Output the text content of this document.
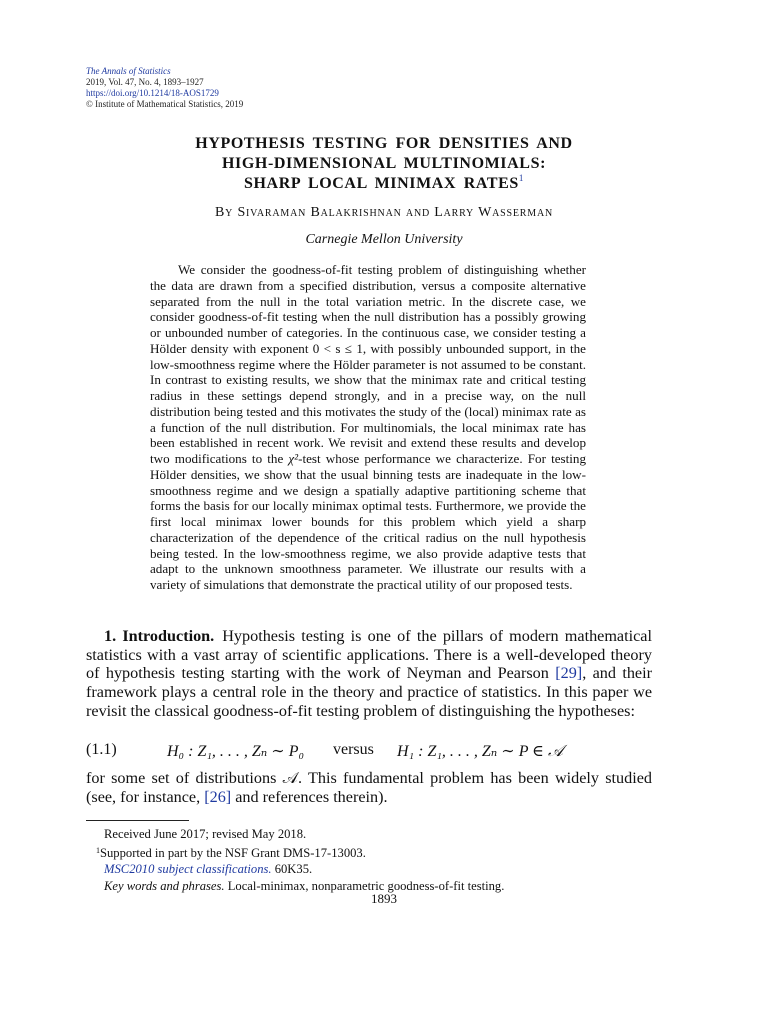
The Annals of Statistics
2019, Vol. 47, No. 4, 1893–1927
https://doi.org/10.1214/18-AOS1729
© Institute of Mathematical Statistics, 2019
HYPOTHESIS TESTING FOR DENSITIES AND
HIGH-DIMENSIONAL MULTINOMIALS:
SHARP LOCAL MINIMAX RATES$^1$
By Sivaraman Balakrishnan and Larry Wasserman
Carnegie Mellon University
We consider the goodness-of-fit testing problem of distinguishing whether the data are drawn from a specified distribution, versus a composite alternative separated from the null in the total variation metric. In the discrete case, we consider goodness-of-fit testing when the null distribution has a possibly growing or unbounded number of categories. In the continuous case, we consider testing a Hölder density with exponent 0 < s ≤ 1, with possibly unbounded support, in the low-smoothness regime where the Hölder parameter is not assumed to be constant. In contrast to existing results, we show that the minimax rate and critical testing radius in these settings depend strongly, and in a precise way, on the null distribution being tested and this motivates the study of the (local) minimax rate as a function of the null distribution. For multinomials, the local minimax rate has been established in recent work. We revisit and extend these results and develop two modifications to the χ²-test whose performance we characterize. For testing Hölder densities, we show that the usual binning tests are inadequate in the low-smoothness regime and we design a spatially adaptive partitioning scheme that forms the basis for our locally minimax optimal tests. Furthermore, we provide the first local minimax lower bounds for this problem which yield a sharp characterization of the dependence of the critical radius on the null hypothesis being tested. In the low-smoothness regime, we also provide adaptive tests that adapt to the unknown smoothness parameter. We illustrate our results with a variety of simulations that demonstrate the practical utility of our proposed tests.
1. Introduction. Hypothesis testing is one of the pillars of modern mathematical statistics with a vast array of scientific applications. There is a well-developed theory of hypothesis testing starting with the work of Neyman and Pearson [29], and their framework plays a central role in the theory and practice of statistics. In this paper we revisit the classical goodness-of-fit testing problem of distinguishing the hypotheses:
(1.1)	H₀ : Z₁, . . . , Zₙ ∼ P₀ versus H₁ : Z₁, . . . , Zₙ ∼ P ∈ 𝒜
for some set of distributions 𝒜. This fundamental problem has been widely studied (see, for instance, [26] and references therein).
Received June 2017; revised May 2018.
$^1$Supported in part by the NSF Grant DMS-17-13003.
MSC2010 subject classifications. 60K35.
Key words and phrases. Local-minimax, nonparametric goodness-of-fit testing.
1893
